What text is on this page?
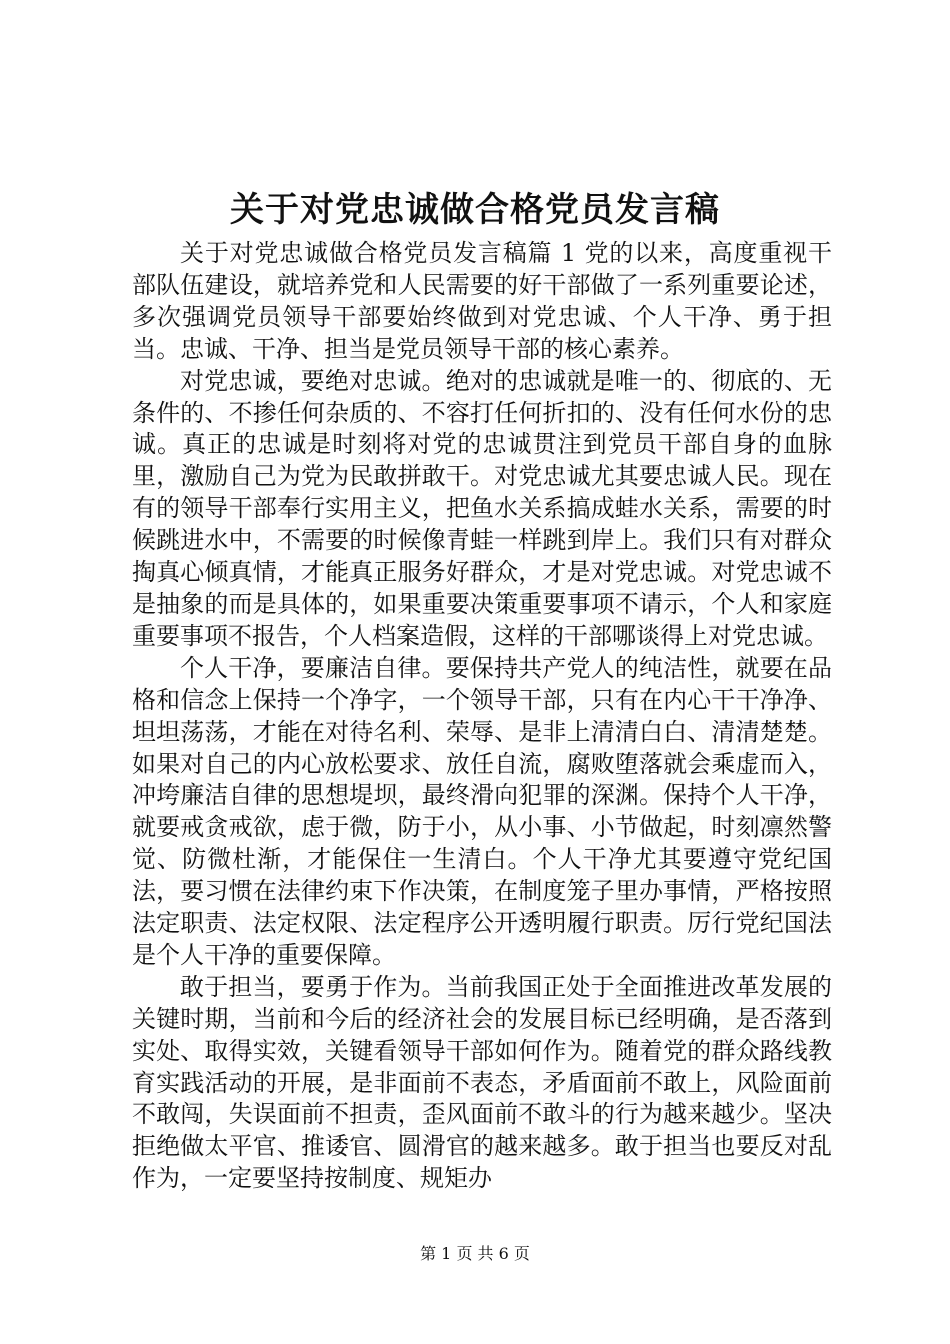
关于对党忠诚做合格党员发言稿

关于对党忠诚做合格党员发言稿篇 1 党的以来，高度重视干部队伍建设，就培养党和人民需要的好干部做了一系列重要论述，多次强调党员领导干部要始终做到对党忠诚、个人干净、勇于担当。忠诚、干净、担当是党员领导干部的核心素养。

对党忠诚，要绝对忠诚。绝对的忠诚就是唯一的、彻底的、无条件的、不掺任何杂质的、不容打任何折扣的、没有任何水份的忠诚。真正的忠诚是时刻将对党的忠诚贯注到党员干部自身的血脉里，激励自己为党为民敢拼敢干。对党忠诚尤其要忠诚人民。现在有的领导干部奉行实用主义，把鱼水关系搞成蛙水关系，需要的时候跳进水中，不需要的时候像青蛙一样跳到岸上。我们只有对群众掏真心倾真情，才能真正服务好群众，才是对党忠诚。对党忠诚不是抽象的而是具体的，如果重要决策重要事项不请示，个人和家庭重要事项不报告，个人档案造假，这样的干部哪谈得上对党忠诚。

个人干净，要廉洁自律。要保持共产党人的纯洁性，就要在品格和信念上保持一个净字，一个领导干部，只有在内心干干净净、坦坦荡荡，才能在对待名利、荣辱、是非上清清白白、清清楚楚。如果对自己的内心放松要求、放任自流，腐败堕落就会乘虚而入，冲垮廉洁自律的思想堤坝，最终滑向犯罪的深渊。保持个人干净，就要戒贪戒欲，虑于微，防于小，从小事、小节做起，时刻凛然警觉、防微杜渐，才能保住一生清白。个人干净尤其要遵守党纪国法，要习惯在法律约束下作决策，在制度笼子里办事情，严格按照法定职责、法定权限、法定程序公开透明履行职责。厉行党纪国法是个人干净的重要保障。

敢于担当，要勇于作为。当前我国正处于全面推进改革发展的关键时期，当前和今后的经济社会的发展目标已经明确，是否落到实处、取得实效，关键看领导干部如何作为。随着党的群众路线教育实践活动的开展，是非面前不表态，矛盾面前不敢上，风险面前不敢闯，失误面前不担责，歪风面前不敢斗的行为越来越少。坚决拒绝做太平官、推诿官、圆滑官的越来越多。敢于担当也要反对乱作为，一定要坚持按制度、规矩办

第 1 页 共 6 页
